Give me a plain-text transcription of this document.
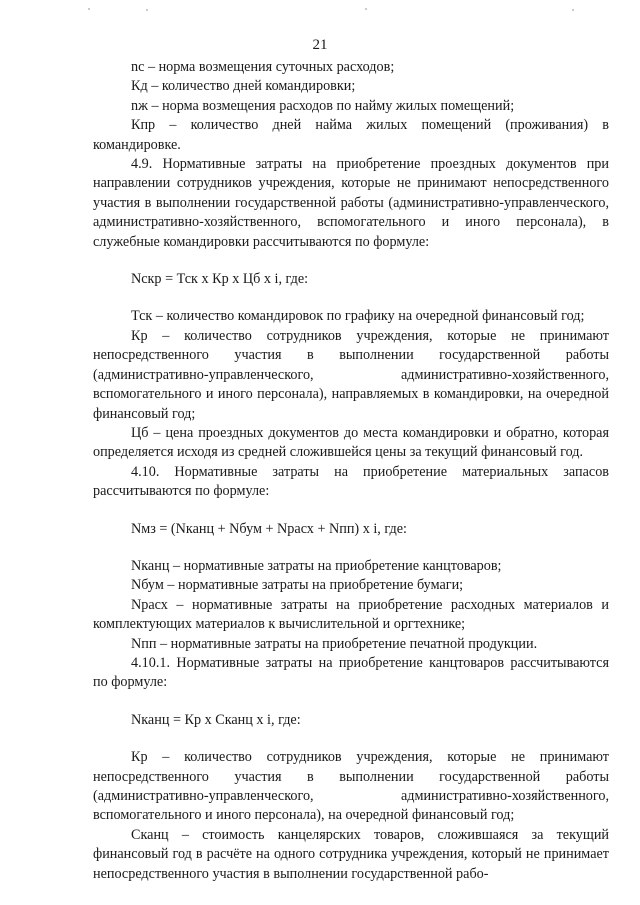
21

nc – норма возмещения суточных расходов;

Кд – количество дней командировки;

nж – норма возмещения расходов по найму жилых помещений;

Кпр – количество дней найма жилых помещений (проживания) в командировке.

4.9. Нормативные затраты на приобретение проездных документов при направлении сотрудников учреждения, которые не принимают непосредственного участия в выполнении государственной работы (административно-управленческого, административно-хозяйственного, вспомогательного и иного персонала), в служебные командировки рассчитываются по формуле:

Nскр = Тск х Кр х Цб х i, где:

Тск – количество командировок по графику на очередной финансовый год;

Кр – количество сотрудников учреждения, которые не принимают непосредственного участия в выполнении государственной работы (административно-управленческого, административно-хозяйственного, вспомогательного и иного персонала), направляемых в командировки, на очередной финансовый год;

Цб – цена проездных документов до места командировки и обратно, которая определяется исходя из средней сложившейся цены за текущий финансовый год.

4.10. Нормативные затраты на приобретение материальных запасов рассчитываются по формуле:

Nмз = (Nканц + Nбум + Nрасх + Nпп) х i, где:

Nканц – нормативные затраты на приобретение канцтоваров;

Nбум – нормативные затраты на приобретение бумаги;

Nрасх – нормативные затраты на приобретение расходных материалов и комплектующих материалов к вычислительной и оргтехнике;

Nпп – нормативные затраты на приобретение печатной продукции.

4.10.1. Нормативные затраты на приобретение канцтоваров рассчитываются по формуле:

Nканц = Кр х Сканц х i, где:

Кр – количество сотрудников учреждения, которые не принимают непосредственного участия в выполнении государственной работы (административно-управленческого, административно-хозяйственного, вспомогательного и иного персонала), на очередной финансовый год;

Сканц – стоимость канцелярских товаров, сложившаяся за текущий финансовый год в расчёте на одного сотрудника учреждения, который не принимает непосредственного участия в выполнении государственной рабо-
